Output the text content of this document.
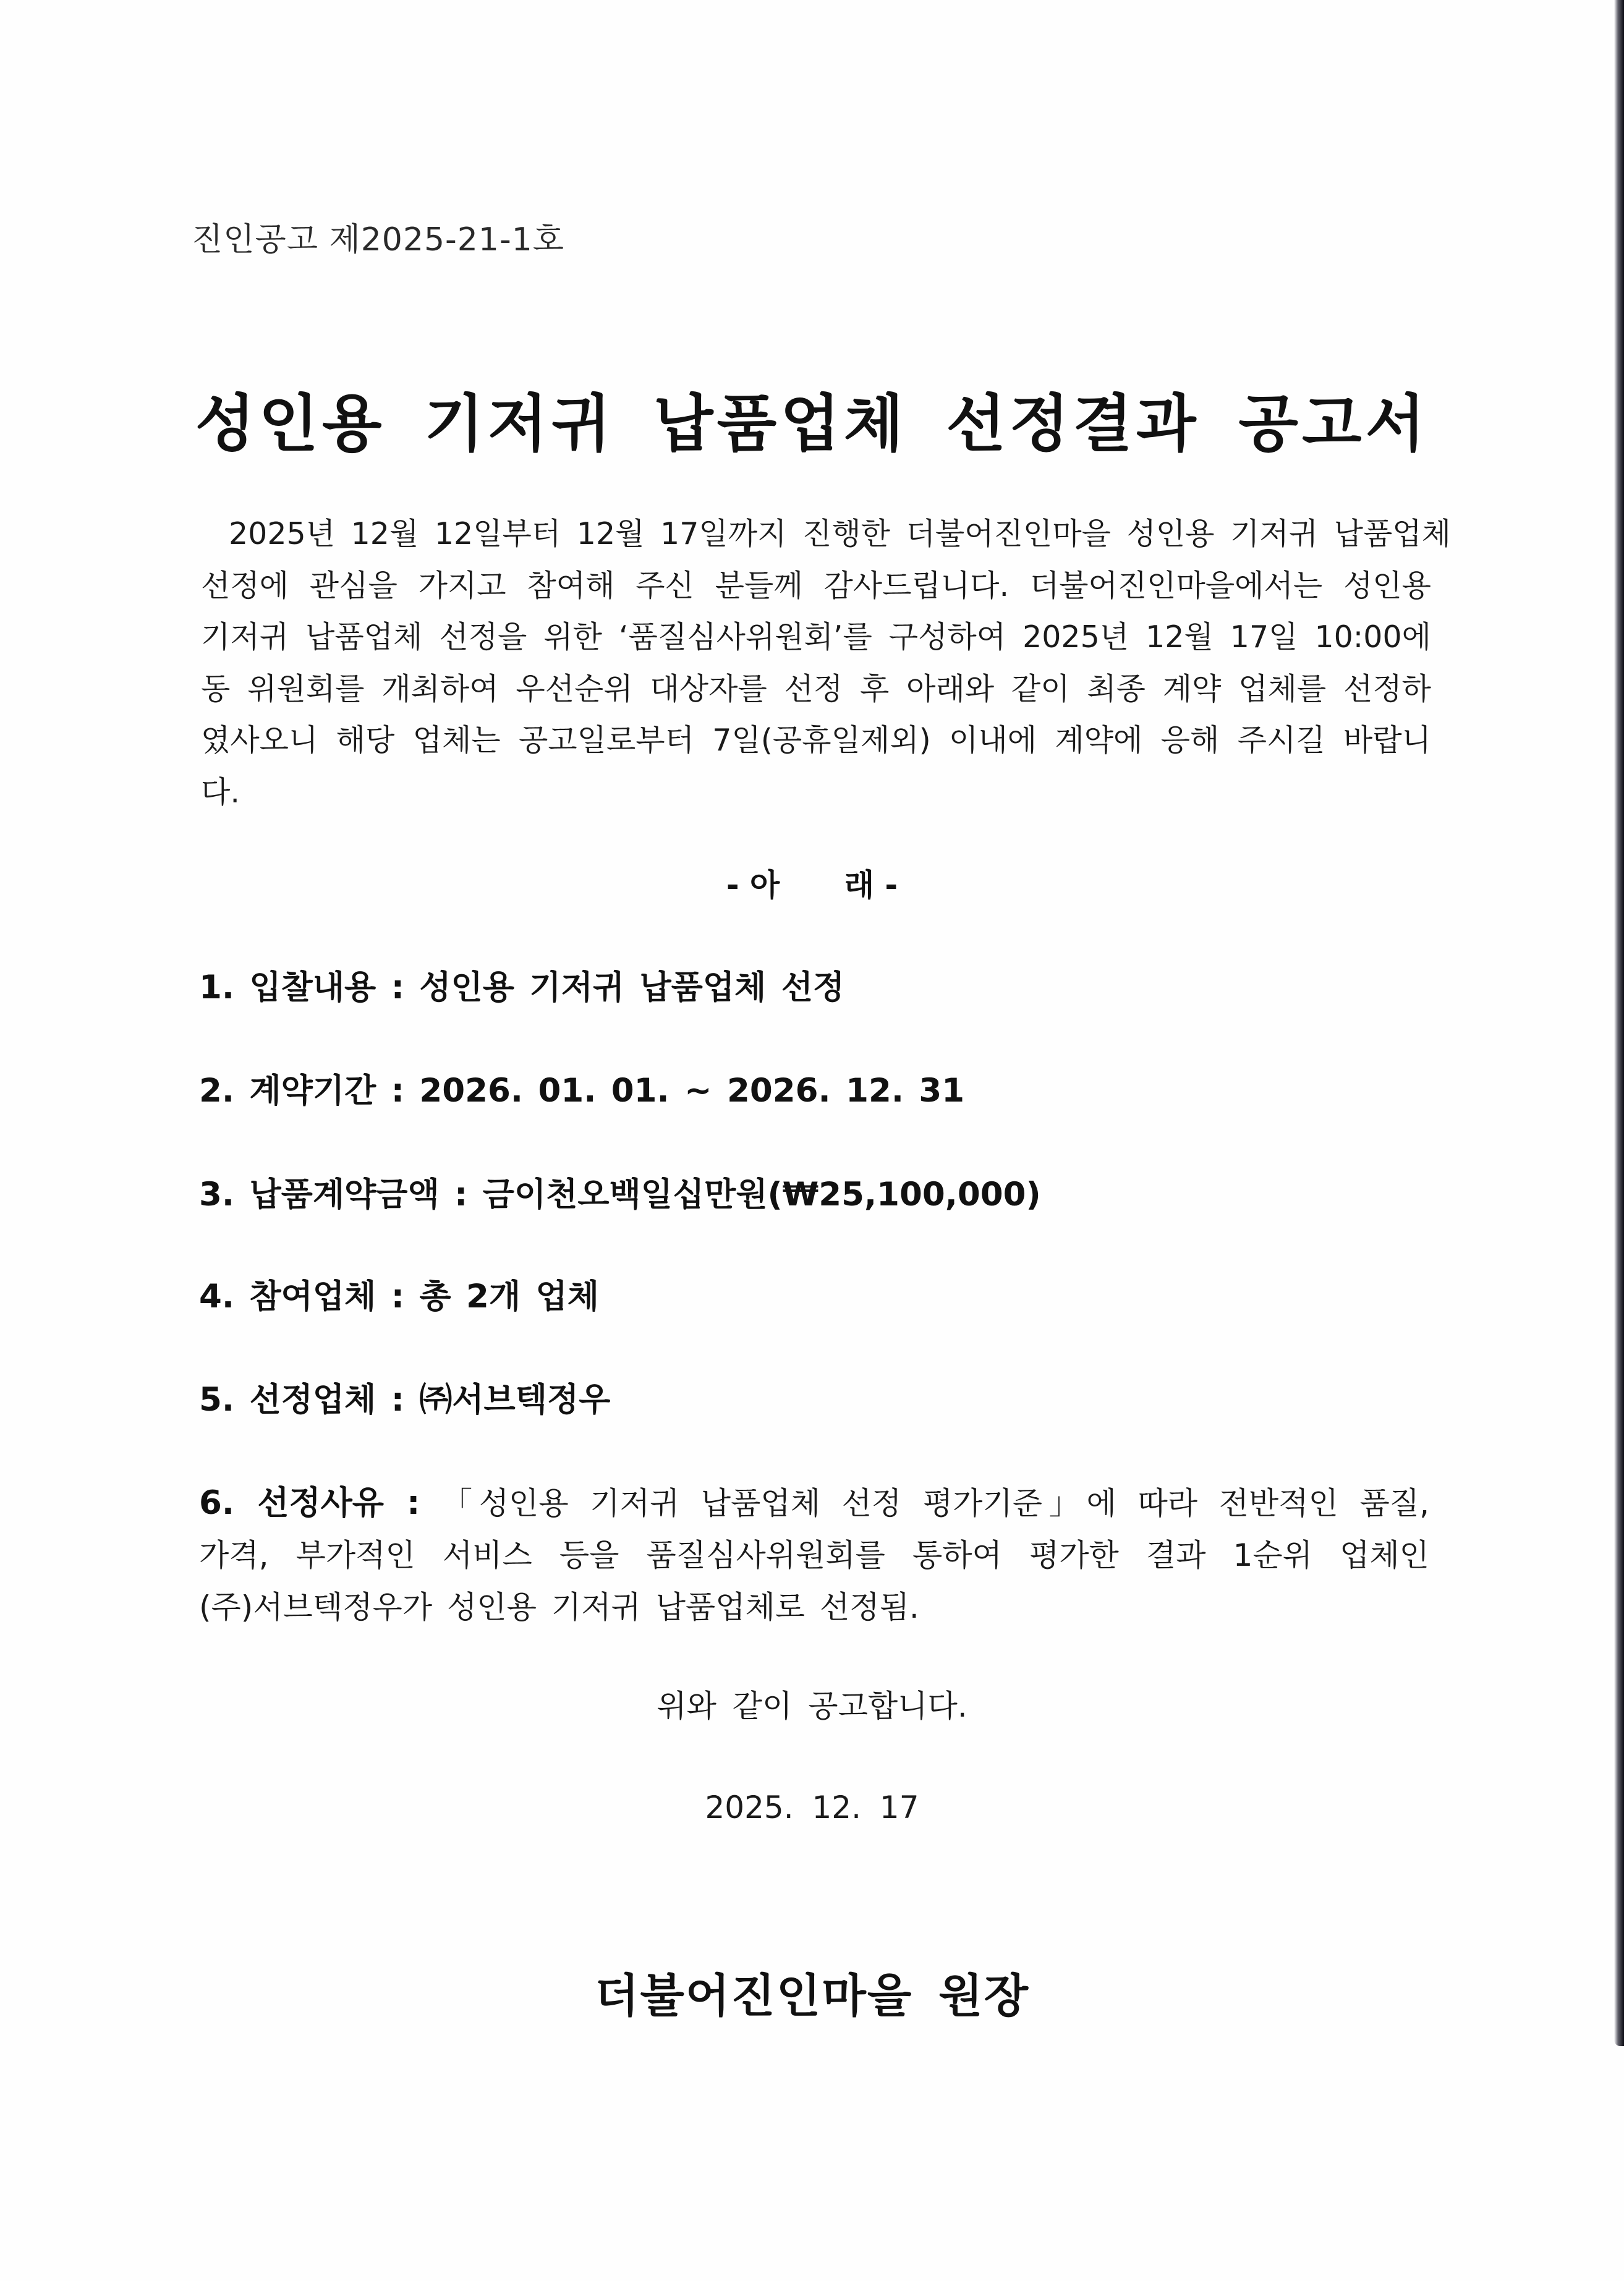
진인공고 제2025-21-1호
성인용 기저귀 납품업체 선정결과 공고서
2025년 12월 12일부터 12월 17일까지 진행한 더불어진인마을 성인용 기저귀 납품업체
선정에 관심을 가지고 참여해 주신 분들께 감사드립니다. 더불어진인마을에서는 성인용
기저귀 납품업체 선정을 위한 ‘품질심사위원회’를 구성하여 2025년 12월 17일 10:00에
동 위원회를 개최하여 우선순위 대상자를 선정 후 아래와 같이 최종 계약 업체를 선정하
였사오니 해당 업체는 공고일로부터 7일(공휴일제외) 이내에 계약에 응해 주시길 바랍니
다.
- 아      래 -
1. 입찰내용 : 성인용 기저귀 납품업체 선정
2. 계약기간 : 2026. 01. 01. ~ 2026. 12. 31
3. 납품계약금액 : 금이천오백일십만원(₩25,100,000)
4. 참여업체 : 총 2개 업체
5. 선정업체 : ㈜서브텍정우
6. 선정사유 : 「성인용 기저귀 납품업체 선정 평가기준」에 따라 전반적인 품질,
가격, 부가적인 서비스 등을 품질심사위원회를 통하여 평가한 결과 1순위 업체인
(주)서브텍정우가 성인용 기저귀 납품업체로 선정됨.
위와 같이 공고합니다.
2025. 12. 17
더불어진인마을 원장
